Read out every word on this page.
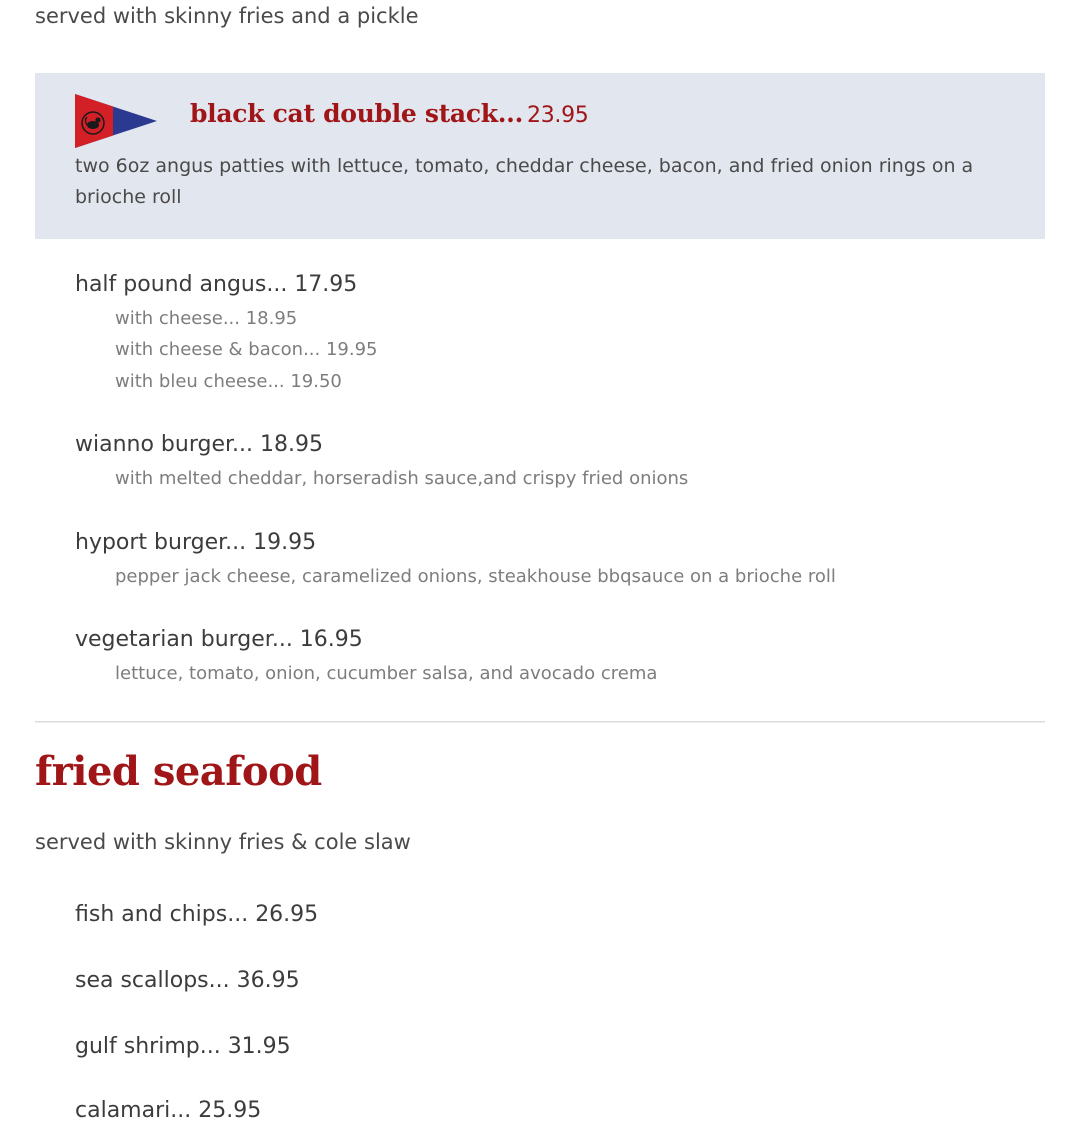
served with skinny fries and a pickle
black cat double stack... 23.95
two 6oz angus patties with lettuce, tomato, cheddar cheese, bacon, and fried onion rings on a brioche roll
half pound angus... 17.95
with cheese... 18.95
with cheese & bacon... 19.95
with bleu cheese... 19.50
wianno burger... 18.95
with melted cheddar, horseradish sauce,and crispy fried onions
hyport burger... 19.95
pepper jack cheese, caramelized onions, steakhouse bbqsauce on a brioche roll
vegetarian burger... 16.95
lettuce, tomato, onion, cucumber salsa, and avocado crema
fried seafood
served with skinny fries & cole slaw
fish and chips... 26.95
sea scallops... 36.95
gulf shrimp... 31.95
calamari... 25.95
